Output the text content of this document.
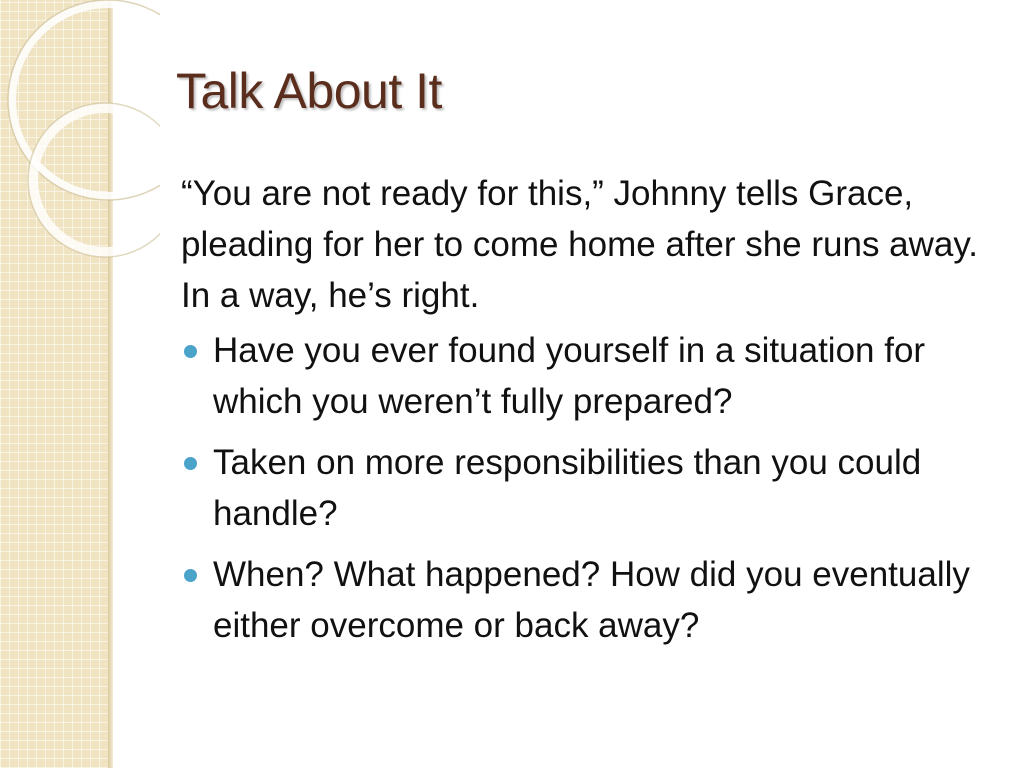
Talk About It

“You are not ready for this,” Johnny tells Grace, pleading for her to come home after she runs away. In a way, he’s right.

Have you ever found yourself in a situation for which you weren’t fully prepared?
Taken on more responsibilities than you could handle?
When? What happened? How did you eventually either overcome or back away?
